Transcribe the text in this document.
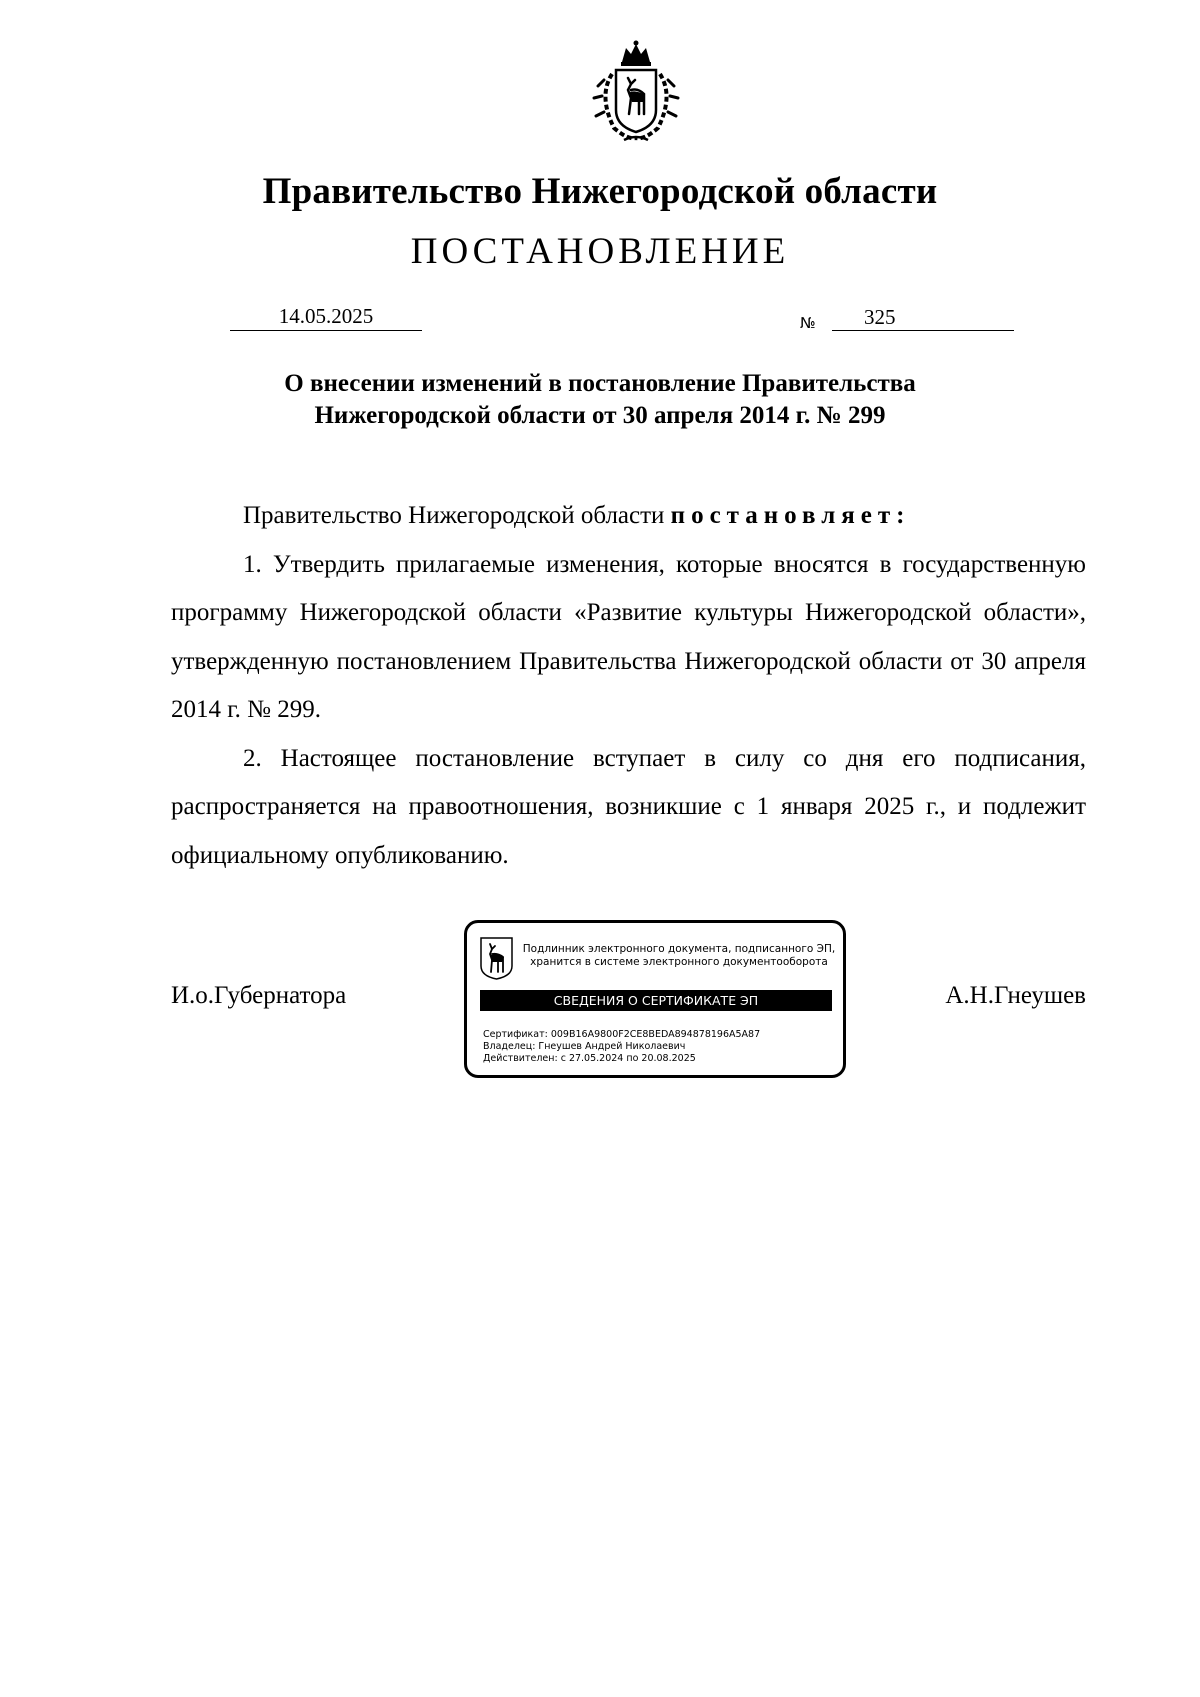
Правительство Нижегородской области
ПОСТАНОВЛЕНИЕ
14.05.2025	№	325
О внесении изменений в постановление Правительства
Нижегородской области от 30 апреля 2014 г. № 299

Правительство Нижегородской области постановляет:

1. Утвердить прилагаемые изменения, которые вносятся в государственную программу Нижегородской области «Развитие культуры Нижегородской области», утвержденную постановлением Правительства Нижегородской области от 30 апреля 2014 г. № 299.

2. Настоящее постановление вступает в силу со дня его подписания, распространяется на правоотношения, возникшие с 1 января 2025 г., и подлежит официальному опубликованию.

И.о.Губернатора	А.Н.Гнеушев
Подлинник электронного документа, подписанного ЭП,
хранится в системе электронного документооборота
СВЕДЕНИЯ О СЕРТИФИКАТЕ ЭП
Сертификат: 009B16A9800F2CE8BEDA894878196A5A87
Владелец: Гнеушев Андрей Николаевич
Действителен: с 27.05.2024 по 20.08.2025
